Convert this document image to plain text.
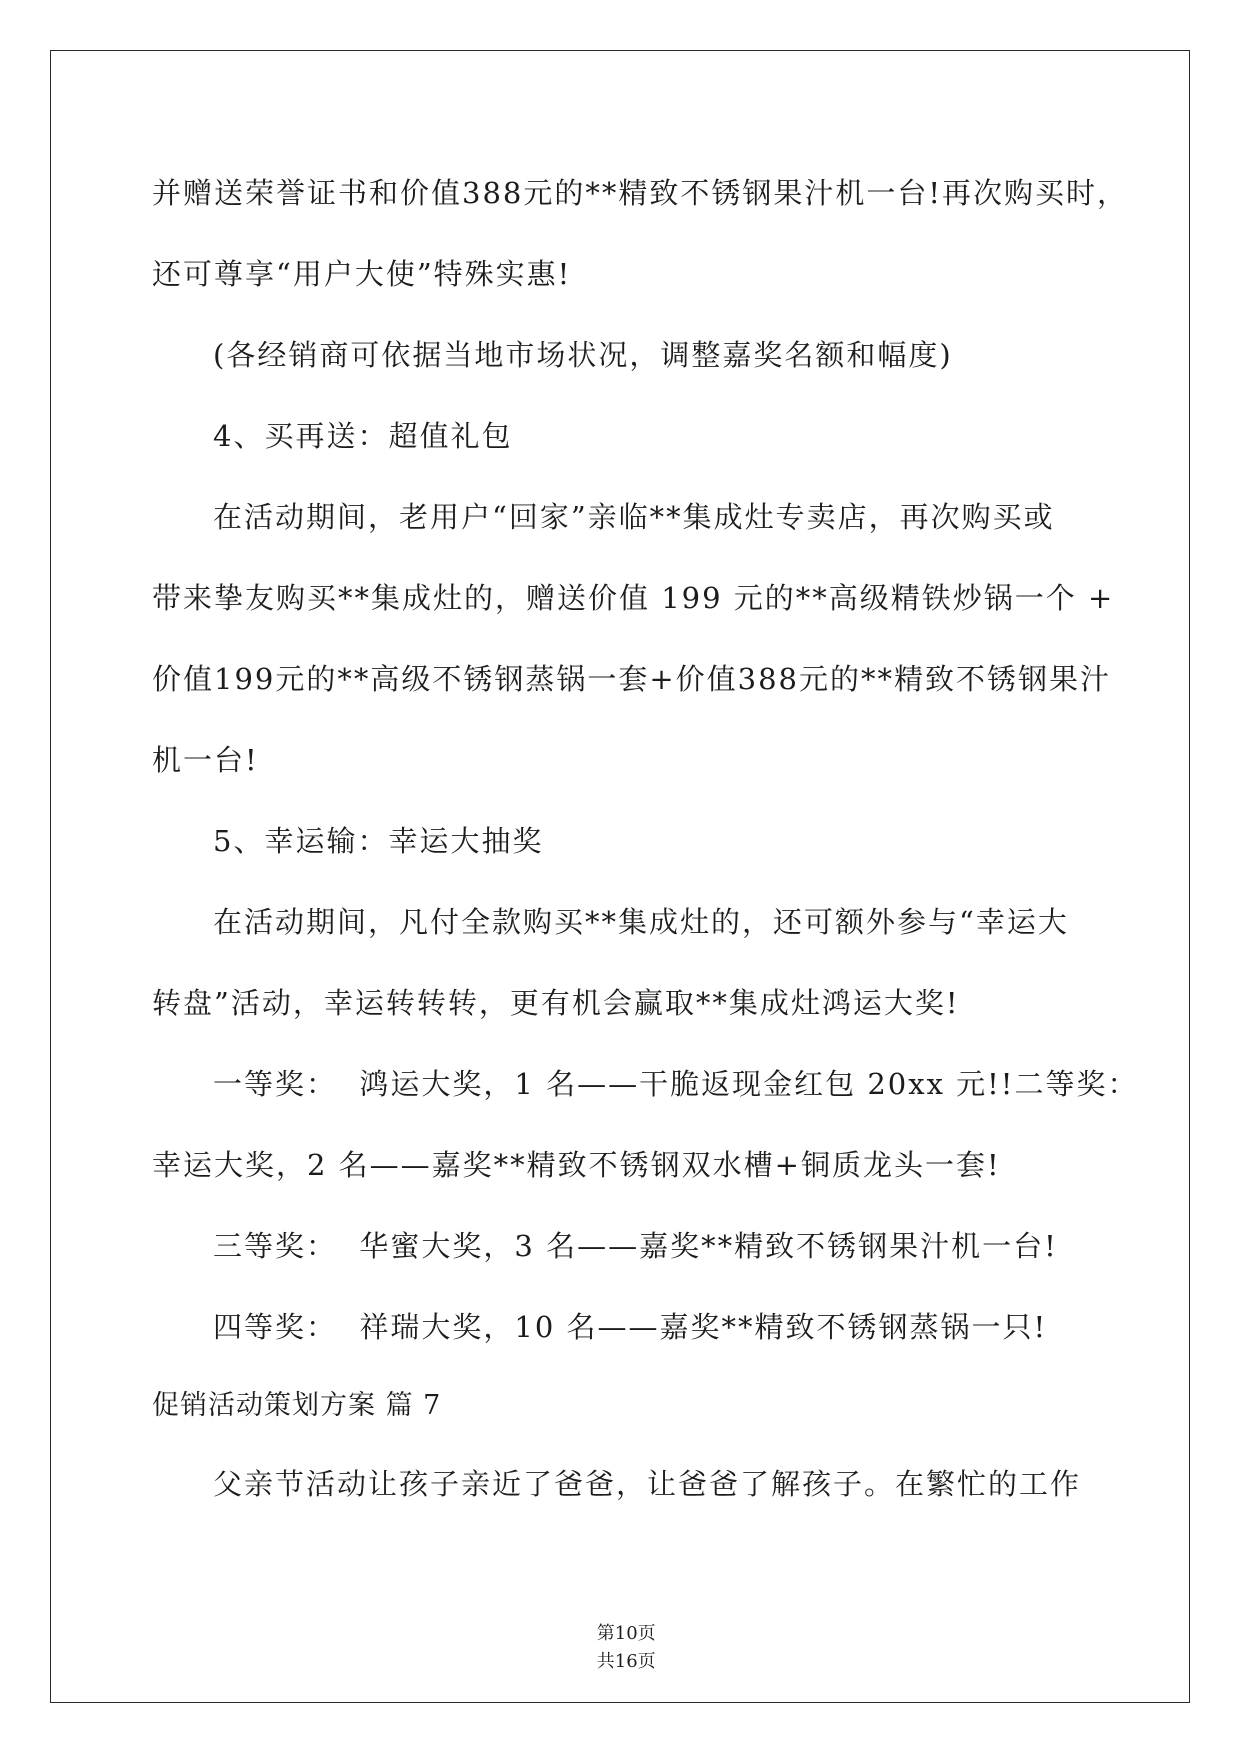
并赠送荣誉证书和价值388元的**精致不锈钢果汁机一台!再次购买时，

还可尊享“用户大使”特殊实惠!

(各经销商可依据当地市场状况，调整嘉奖名额和幅度)

4、买再送：超值礼包

在活动期间，老用户“回家”亲临**集成灶专卖店，再次购买或

带来挚友购买**集成灶的，赠送价值 199 元的**高级精铁炒锅一个 +

价值199元的**高级不锈钢蒸锅一套+价值388元的**精致不锈钢果汁

机一台!

5、幸运输：幸运大抽奖

在活动期间，凡付全款购买**集成灶的，还可额外参与“幸运大

转盘”活动，幸运转转转，更有机会赢取**集成灶鸿运大奖!

一等奖：  鸿运大奖，1 名——干脆返现金红包 20xx 元!!二等奖：

幸运大奖，2 名——嘉奖**精致不锈钢双水槽+铜质龙头一套!

三等奖：  华蜜大奖，3 名——嘉奖**精致不锈钢果汁机一台!

四等奖：  祥瑞大奖，10 名——嘉奖**精致不锈钢蒸锅一只!

促销活动策划方案 篇 7

父亲节活动让孩子亲近了爸爸，让爸爸了解孩子。在繁忙的工作

第10页
共16页
